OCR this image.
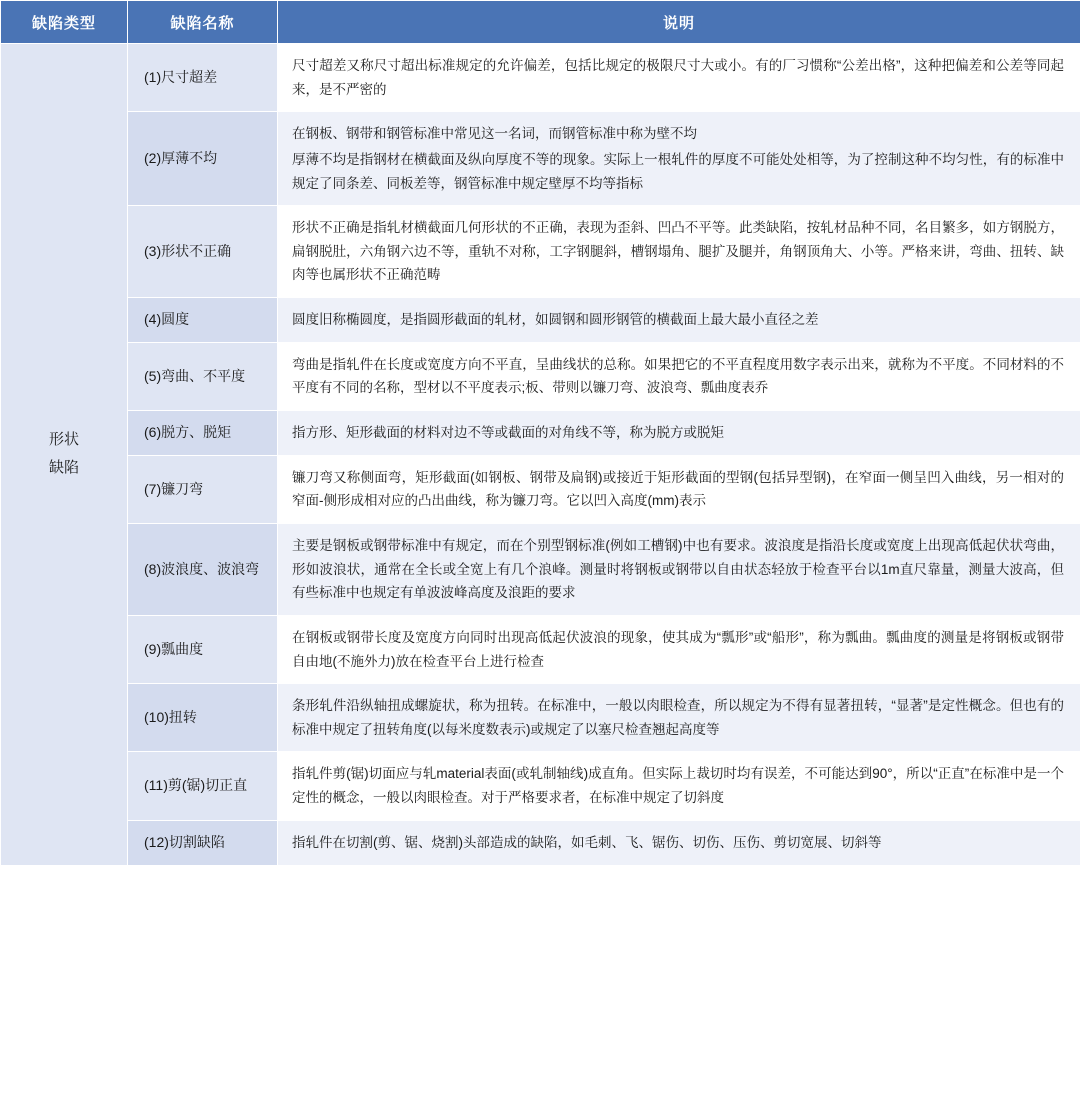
缺陷类型	缺陷名称	说明
形状
缺陷	(1)尺寸超差	尺寸超差又称尺寸超出标准规定的允许偏差，包括比规定的极限尺寸大或小。有的厂习惯称“公差出格”，这种把偏差和公差等同起来，是不严密的

	(2)厚薄不均	在钢板、钢带和钢管标准中常见这一名词，而钢管标准中称为壁不均
厚薄不均是指钢材在横截面及纵向厚度不等的现象。实际上一根轧件的厚度不可能处处相等，为了控制这种不均匀性，有的标准中规定了同条差、同板差等，钢管标准中规定壁厚不均等指标

	(3)形状不正确	形状不正确是指轧材横截面几何形状的不正确，表现为歪斜、凹凸不平等。此类缺陷，按轧材品种不同，名目繁多，如方钢脱方，扁钢脱肚，六角钢六边不等，重轨不对称，工字钢腿斜，槽钢塌角、腿扩及腿并，角钢顶角大、小等。严格来讲，弯曲、扭转、缺肉等也属形状不正确范畴

	(4)圆度	圆度旧称椭圆度，是指圆形截面的轧材，如圆钢和圆形钢管的横截面上最大最小直径之差

	(5)弯曲、不平度	弯曲是指轧件在长度或宽度方向不平直，呈曲线状的总称。如果把它的不平直程度用数字表示出来，就称为不平度。不同材料的不平度有不同的名称，型材以不平度表示;板、带则以镰刀弯、波浪弯、瓢曲度表乔

	(6)脱方、脱矩	指方形、矩形截面的材料对边不等或截面的对角线不等，称为脱方或脱矩

	(7)镰刀弯	镰刀弯又称侧面弯，矩形截面(如钢板、钢带及扁钢)或接近于矩形截面的型钢(包括异型钢)，在窄面一侧呈凹入曲线，另一相对的窄面-侧形成相对应的凸出曲线，称为镰刀弯。它以凹入高度(mm)表示

	(8)波浪度、波浪弯	主要是钢板或钢带标准中有规定，而在个别型钢标准(例如工槽钢)中也有要求。波浪度是指沿长度或宽度上出现高低起伏状弯曲，形如波浪状，通常在全长或全宽上有几个浪峰。测量时将钢板或钢带以自由状态轻放于检查平台以1m直尺靠量，测量大波高，但有些标准中也规定有单波波峰高度及浪距的要求

	(9)瓢曲度	在钢板或钢带长度及宽度方向同时出现高低起伏波浪的现象，使其成为“瓢形”或“船形”，称为瓢曲。瓢曲度的测量是将钢板或钢带自由地(不施外力)放在检查平台上进行检查

	(10)扭转	条形轧件沿纵轴扭成螺旋状，称为扭转。在标准中，一般以肉眼检查，所以规定为不得有显著扭转，“显著”是定性概念。但也有的标准中规定了扭转角度(以每米度数表示)或规定了以塞尺检查翘起高度等

	(11)剪(锯)切正直	指轧件剪(锯)切面应与轧material表面(或轧制轴线)成直角。但实际上裁切时均有误差，不可能达到90°，所以“正直”在标准中是一个定性的概念，一般以肉眼检查。对于严格要求者，在标准中规定了切斜度

	(12)切割缺陷	指轧件在切割(剪、锯、烧割)头部造成的缺陷，如毛刺、飞、锯伤、切伤、压伤、剪切宽展、切斜等
